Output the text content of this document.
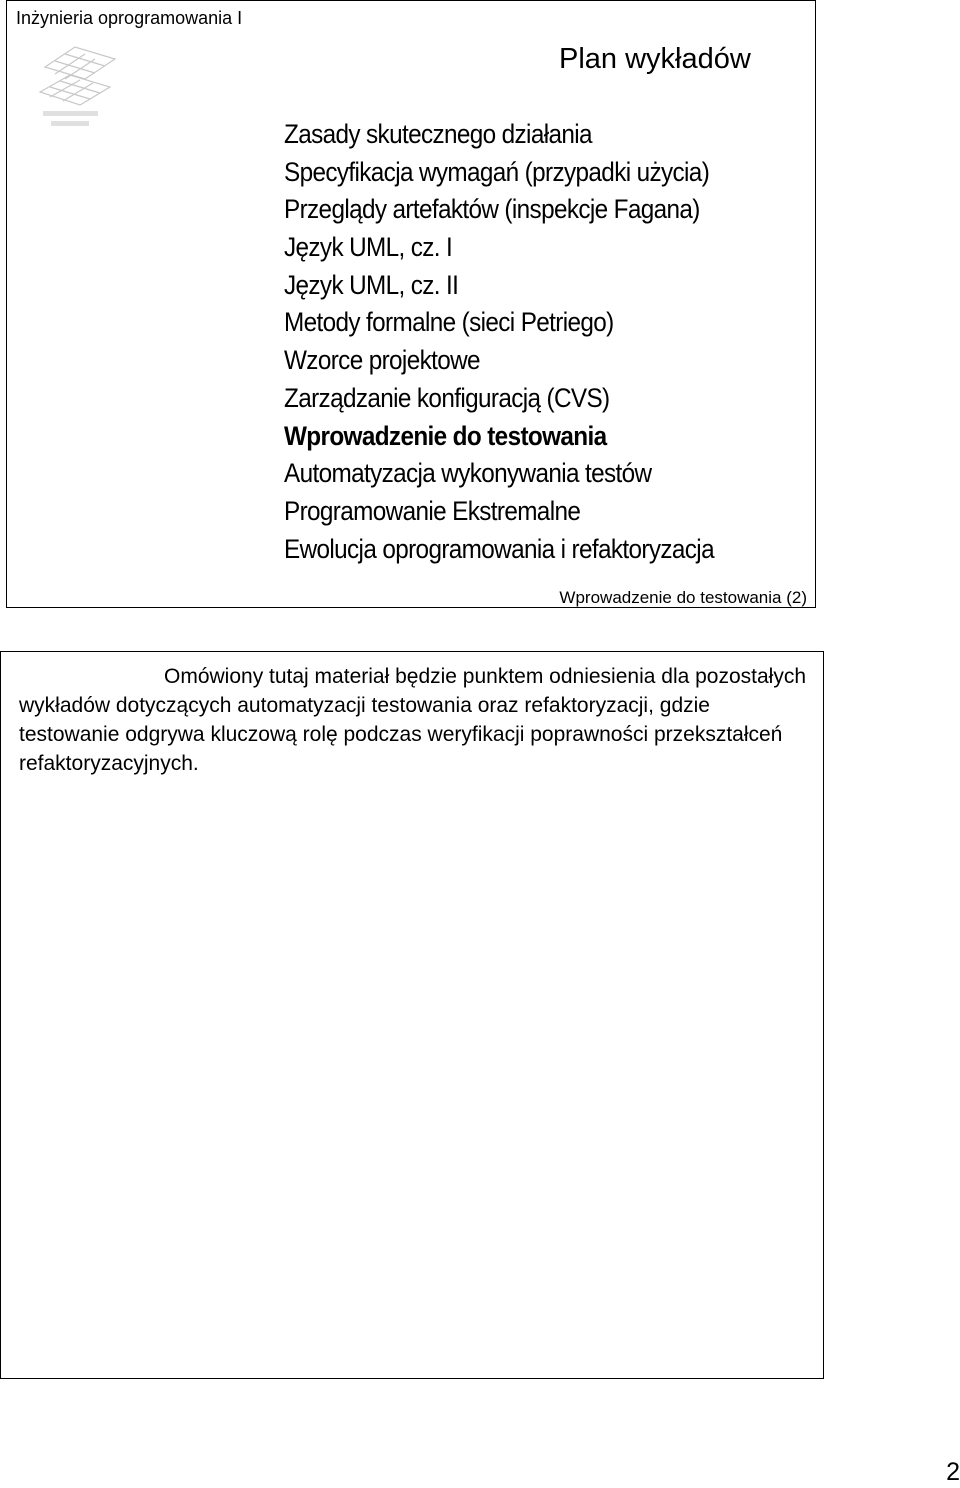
Inżynieria oprogramowania I
Plan wykładów
Zasady skutecznego działania
Specyfikacja wymagań (przypadki użycia)
Przeglądy artefaktów (inspekcje Fagana)
Język UML, cz. I
Język UML, cz. II
Metody formalne (sieci Petriego)
Wzorce projektowe
Zarządzanie konfiguracją (CVS)
Wprowadzenie do testowania
Automatyzacja wykonywania testów
Programowanie Ekstremalne
Ewolucja oprogramowania i refaktoryzacja
Wprowadzenie do testowania (2)

Omówiony tutaj materiał będzie punktem odniesienia dla pozostałych wykładów dotyczących automatyzacji testowania oraz refaktoryzacji, gdzie testowanie odgrywa kluczową rolę podczas weryfikacji poprawności przekształceń refaktoryzacyjnych.

2
